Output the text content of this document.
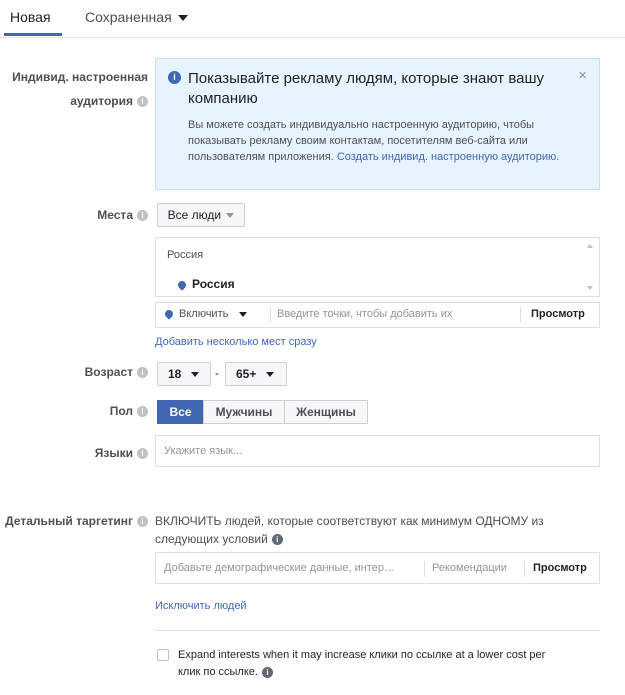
Новая Сохраненная
Индивид. настроенная
аудитория i
i Показывайте рекламу людям, которые знают вашу компанию
×
Вы можете создать индивидуально настроенную аудиторию, чтобы показывать рекламу своим контактам, посетителям веб-сайта или пользователям приложения. Создать индивид. настроенную аудиторию.
Места i	Все люди
Россия
Россия
Включить	Введите точки, чтобы добавить их	Просмотр
Добавить несколько мест сразу
Возраст i	18	-	65+
Пол i	Все	Мужчины	Женщины
Языки i	Укажите язык...
Детальный таргетинг i ВКЛЮЧИТЬ людей, которые соответствуют как минимум ОДНОМУ из
следующих условий i
Добавьте демографические данные, интер…	Рекомендации Просмотр
Исключить людей
Expand interests when it may increase клики по ссылке at a lower cost per
клик по ссылке. i
